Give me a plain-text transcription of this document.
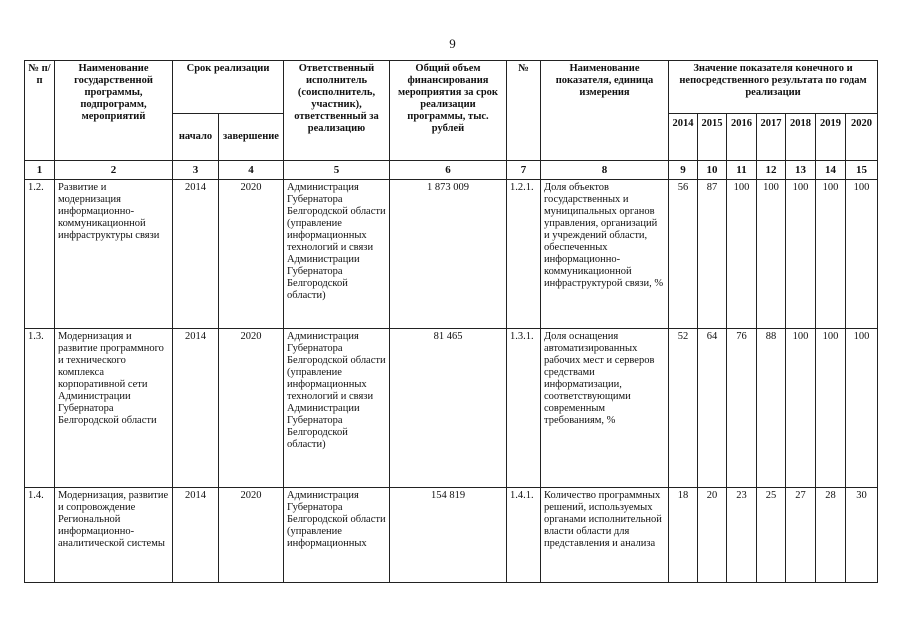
9
№ п/п	Наименование государственной программы, подпрограмм, мероприятий	Срок реализации		Ответственный исполнитель (соисполнитель, участник), ответственный за реализацию	Общий объем финансирования мероприятия за срок реализации программы, тыс. рублей	№	Наименование показателя, единица измерения	Значение показателя конечного и непосредственного результата по годам реализации						
		начало	завершение					2014	2015	2016	2017	2018	2019	2020
1	2	3	4	5	6	7	8	9	10	11	12	13	14	15
1.2.	Развитие и модернизация информационно-коммуникационной инфраструктуры связи	2014	2020	Администрация Губернатора Белгородской области (управление информационных технологий и связи Администрации Губернатора Белгородской области)	1 873 009	1.2.1.	Доля объектов государственных и муниципальных органов управления, организаций и учреждений области, обеспеченных информационно-коммуникационной инфраструктурой связи, %	56	87	100	100	100	100	100
1.3.	Модернизация и развитие программного и технического комплекса корпоративной сети Администрации Губернатора Белгородской области	2014	2020	Администрация Губернатора Белгородской области (управление информационных технологий и связи Администрации Губернатора Белгородской области)	81 465	1.3.1.	Доля оснащения автоматизированных рабочих мест и серверов средствами информатизации, соответствующими современным требованиям, %	52	64	76	88	100	100	100
1.4.	Модернизация, развитие и сопровождение Региональной информационно-аналитической системы	2014	2020	Администрация Губернатора Белгородской области (управление информационных	154 819	1.4.1.	Количество программных решений, используемых органами исполнительной власти области для представления и анализа	18	20	23	25	27	28	30
